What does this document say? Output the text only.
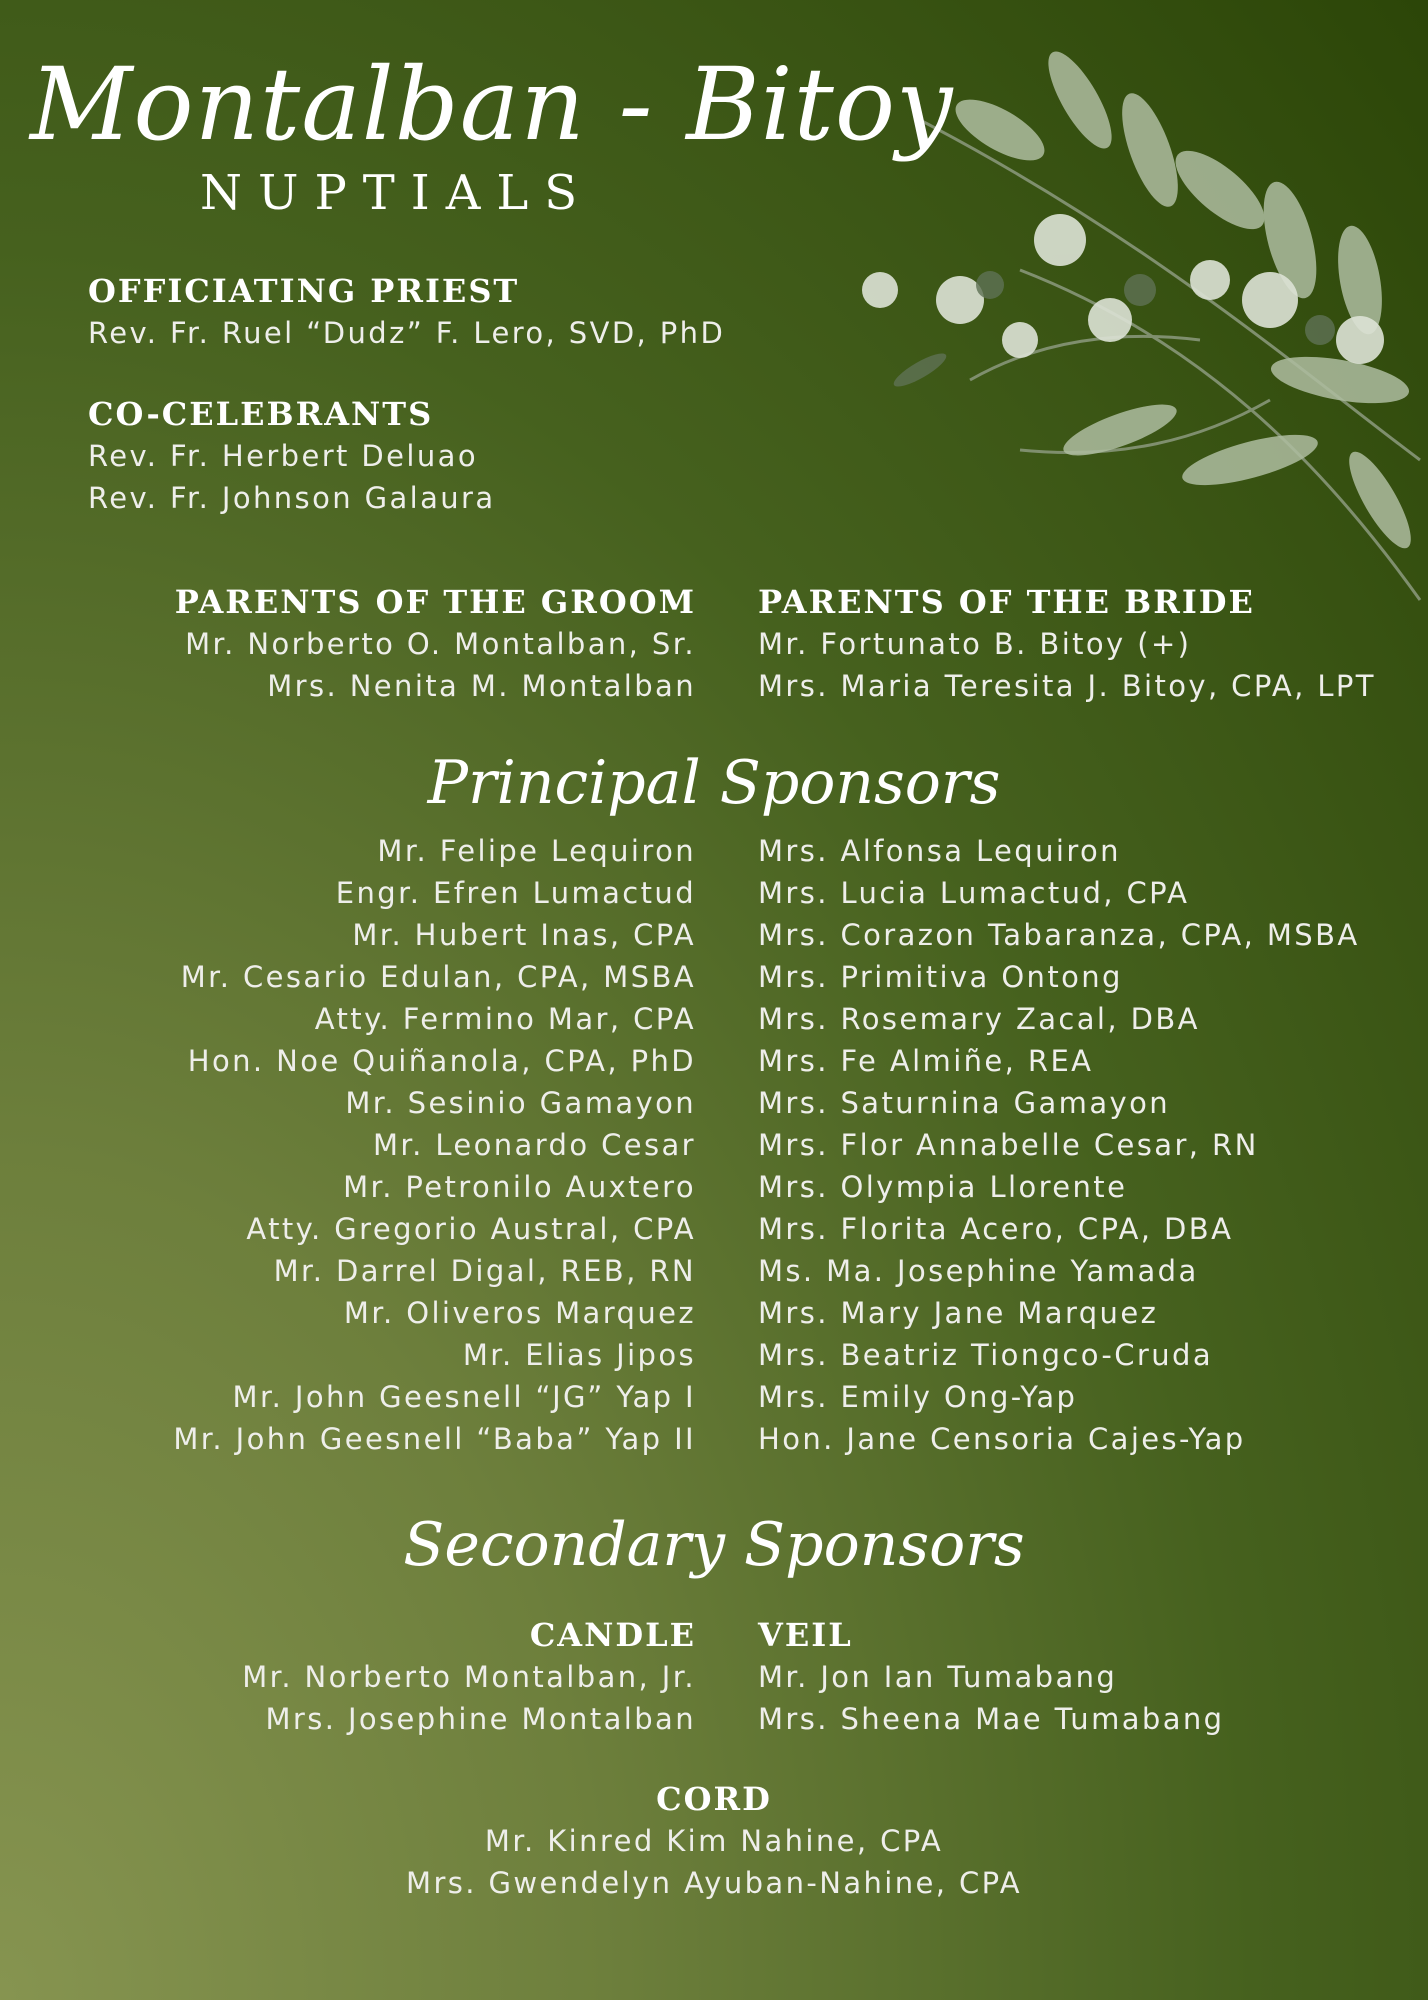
Montalban - Bitoy
NUPTIALS
OFFICIATING PRIEST
Rev. Fr. Ruel “Dudz” F. Lero, SVD, PhD
CO-CELEBRANTS
Rev. Fr. Herbert Deluao
Rev. Fr. Johnson Galaura
PARENTS OF THE GROOM
Mr. Norberto O. Montalban, Sr.
Mrs. Nenita M. Montalban
PARENTS OF THE BRIDE
Mr. Fortunato B. Bitoy (+)
Mrs. Maria Teresita J. Bitoy, CPA, LPT
Principal Sponsors
Mr. Felipe Lequiron
Engr. Efren Lumactud
Mr. Hubert Inas, CPA
Mr. Cesario Edulan, CPA, MSBA
Atty. Fermino Mar, CPA
Hon. Noe Quiñanola, CPA, PhD
Mr. Sesinio Gamayon
Mr. Leonardo Cesar
Mr. Petronilo Auxtero
Atty. Gregorio Austral, CPA
Mr. Darrel Digal, REB, RN
Mr. Oliveros Marquez
Mr. Elias Jipos
Mr. John Geesnell “JG” Yap I
Mr. John Geesnell “Baba” Yap II
Mrs. Alfonsa Lequiron
Mrs. Lucia Lumactud, CPA
Mrs. Corazon Tabaranza, CPA, MSBA
Mrs. Primitiva Ontong
Mrs. Rosemary Zacal, DBA
Mrs. Fe Almiñe, REA
Mrs. Saturnina Gamayon
Mrs. Flor Annabelle Cesar, RN
Mrs. Olympia Llorente
Mrs. Florita Acero, CPA, DBA
Ms. Ma. Josephine Yamada
Mrs. Mary Jane Marquez
Mrs. Beatriz Tiongco-Cruda
Mrs. Emily Ong-Yap
Hon. Jane Censoria Cajes-Yap
Secondary Sponsors
CANDLE
Mr. Norberto Montalban, Jr.
Mrs. Josephine Montalban
VEIL
Mr. Jon Ian Tumabang
Mrs. Sheena Mae Tumabang
CORD
Mr. Kinred Kim Nahine, CPA
Mrs. Gwendelyn Ayuban-Nahine, CPA
